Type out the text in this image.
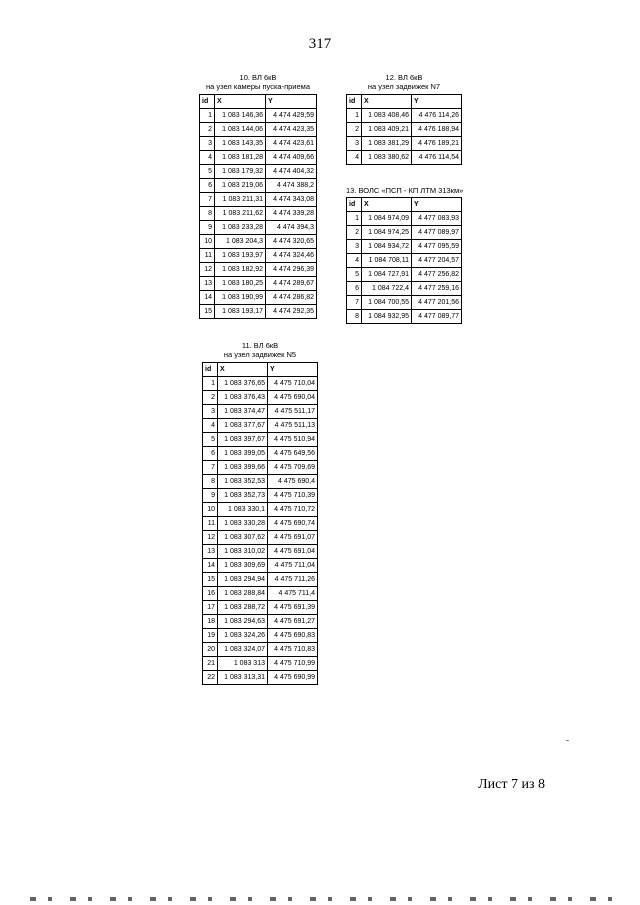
317
10. ВЛ 6кВ
на узел камеры пуска-приема
id	X	Y
1	1 083 146,36	4 474 429,59
2	1 083 144,06	4 474 423,35
3	1 083 143,35	4 474 423,61
4	1 083 181,28	4 474 409,66
5	1 083 179,32	4 474 404,32
6	1 083 219,06	4 474 388,2
7	1 083 211,31	4 474 343,08
8	1 083 211,62	4 474 339,28
9	1 083 233,28	4 474 394,3
10	1 083 204,3	4 474 320,65
11	1 083 193,97	4 474 324,46
12	1 083 182,92	4 474 296,39
13	1 083 180,25	4 474 289,67
14	1 083 190,99	4 474 286,82
15	1 083 193,17	4 474 292,35
12. ВЛ 6кВ
на узел задвижек N7
id	X	Y
1	1 083 408,46	4 476 114,26
2	1 083 409,21	4 476 188,94
3	1 083 381,29	4 476 189,21
4	1 083 380,62	4 476 114,54
13. ВОЛС «ПСП - КП ЛТМ 313км»
id	X	Y
1	1 084 974,09	4 477 083,93
2	1 084 974,25	4 477 089,97
3	1 084 934,72	4 477 095,59
4	1 084 708,11	4 477 204,57
5	1 084 727,91	4 477 256,82
6	1 084 722,4	4 477 259,16
7	1 084 700,55	4 477 201,56
8	1 084 932,95	4 477 089,77
11. ВЛ 6кВ
на узел задвижек N5
id	X	Y
1	1 083 376,65	4 475 710,04
2	1 083 376,43	4 475 690,04
3	1 083 374,47	4 475 511,17
4	1 083 377,67	4 475 511,13
5	1 083 397,67	4 475 510,94
6	1 083 399,05	4 475 649,56
7	1 083 399,66	4 475 709,69
8	1 083 352,53	4 475 690,4
9	1 083 352,73	4 475 710,39
10	1 083 330,1	4 475 710,72
11	1 083 330,28	4 475 690,74
12	1 083 307,62	4 475 691,07
13	1 083 310,02	4 475 691,04
14	1 083 309,69	4 475 711,04
15	1 083 294,94	4 475 711,26
16	1 083 288,84	4 475 711,4
17	1 083 288,72	4 475 691,39
18	1 083 294,63	4 475 691,27
19	1 083 324,26	4 475 690,83
20	1 083 324,07	4 475 710,83
21	1 083 313	4 475 710,99
22	1 083 313,31	4 475 690,99
Лист 7 из 8
